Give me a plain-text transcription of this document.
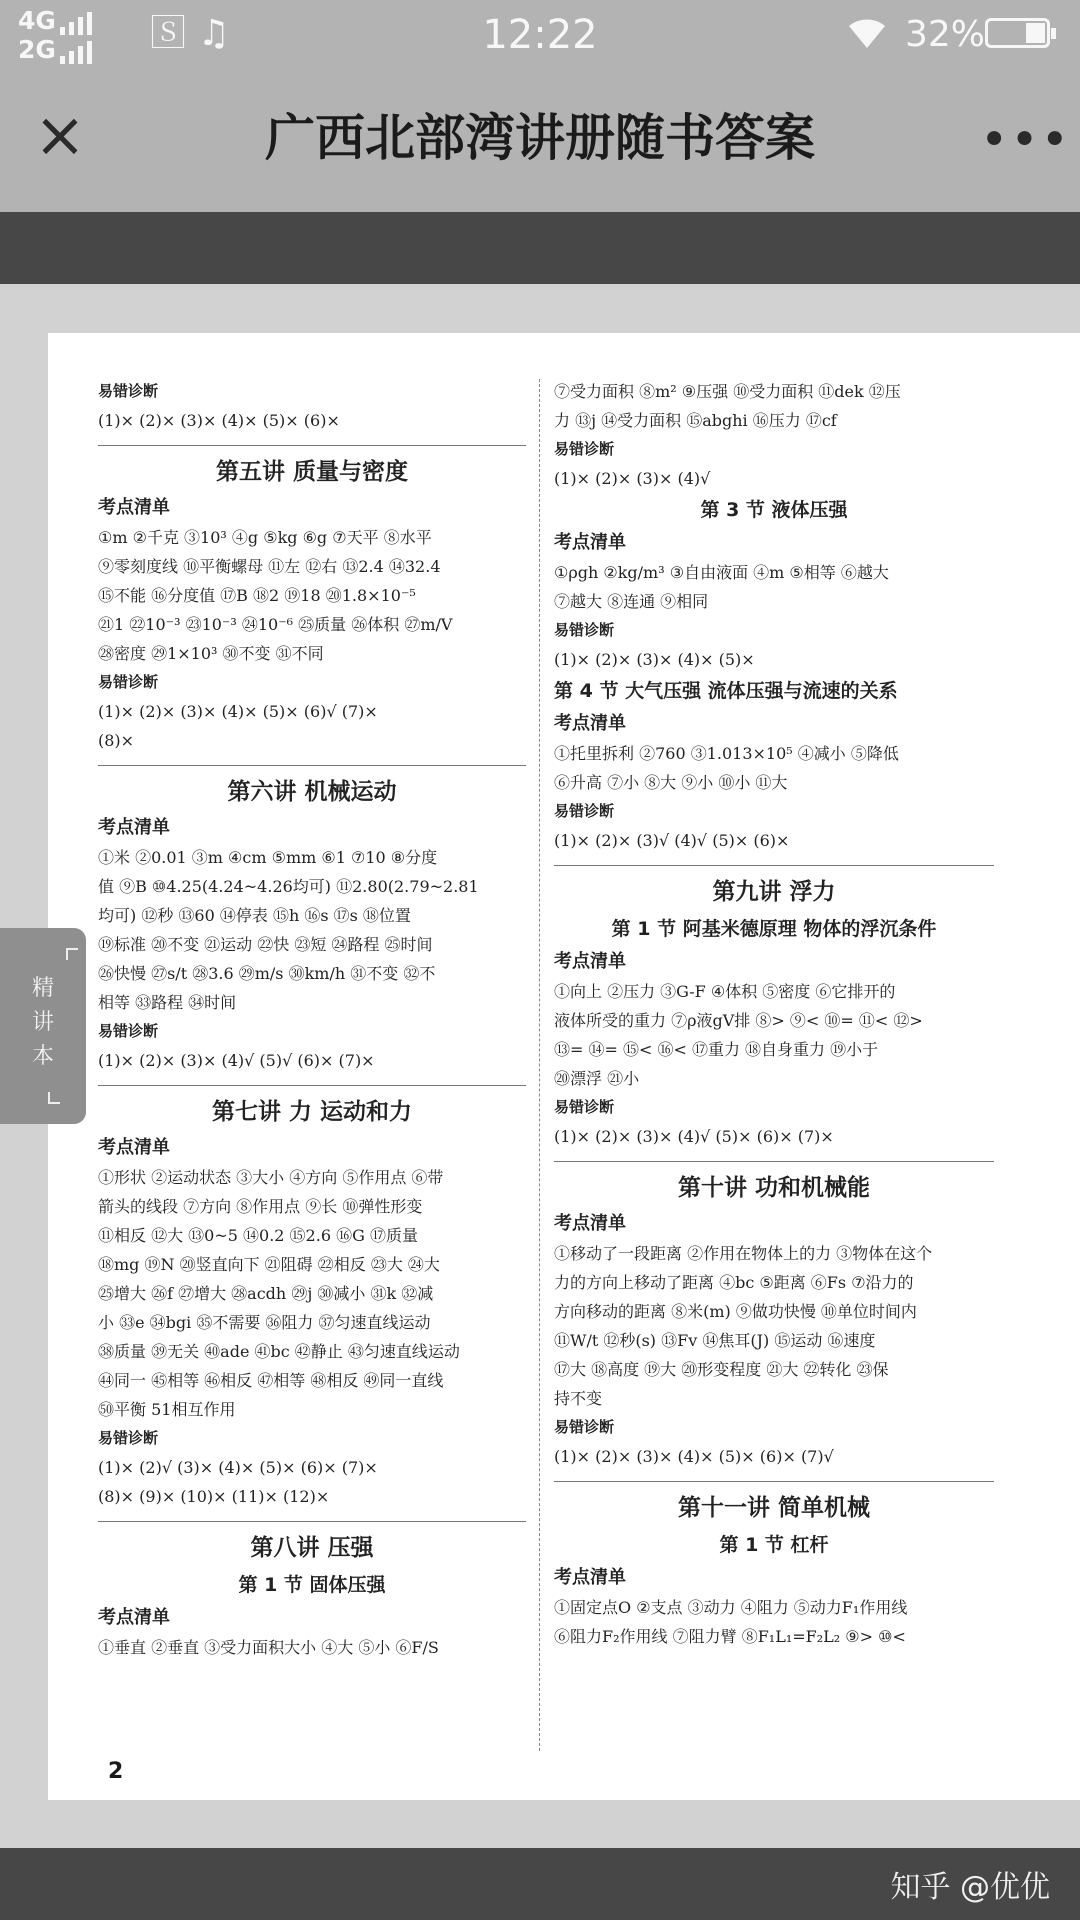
4G
2G	🅂 ♫	12:22	32%
×	广西北部湾讲册随书答案	•••

易错诊断

(1)× (2)× (3)× (4)× (5)× (6)×

第五讲 质量与密度

考点清单

①m ②千克 ③10³ ④g ⑤kg ⑥g ⑦天平 ⑧水平

⑨零刻度线 ⑩平衡螺母 ⑪左 ⑫右 ⑬2.4 ⑭32.4

⑮不能 ⑯分度值 ⑰B ⑱2 ⑲18 ⑳1.8×10⁻⁵

㉑1 ㉒10⁻³ ㉓10⁻³ ㉔10⁻⁶ ㉕质量 ㉖体积 ㉗m/V

㉘密度 ㉙1×10³ ㉚不变 ㉛不同

易错诊断

(1)× (2)× (3)× (4)× (5)× (6)√ (7)×

(8)×

第六讲 机械运动

考点清单

①米 ②0.01 ③m ④cm ⑤mm ⑥1 ⑦10 ⑧分度

值 ⑨B ⑩4.25(4.24~4.26均可) ⑪2.80(2.79~2.81

均可) ⑫秒 ⑬60 ⑭停表 ⑮h ⑯s ⑰s ⑱位置

⑲标准 ⑳不变 ㉑运动 ㉒快 ㉓短 ㉔路程 ㉕时间

㉖快慢 ㉗s/t ㉘3.6 ㉙m/s ㉚km/h ㉛不变 ㉜不

相等 ㉝路程 ㉞时间

易错诊断

(1)× (2)× (3)× (4)√ (5)√ (6)× (7)×

第七讲 力 运动和力

考点清单

①形状 ②运动状态 ③大小 ④方向 ⑤作用点 ⑥带

箭头的线段 ⑦方向 ⑧作用点 ⑨长 ⑩弹性形变

⑪相反 ⑫大 ⑬0~5 ⑭0.2 ⑮2.6 ⑯G ⑰质量

⑱mg ⑲N ⑳竖直向下 ㉑阻碍 ㉒相反 ㉓大 ㉔大

㉕增大 ㉖f ㉗增大 ㉘acdh ㉙j ㉚减小 ㉛k ㉜减

小 ㉝e ㉞bgi ㉟不需要 ㊱阻力 ㊲匀速直线运动

㊳质量 ㊴无关 ㊵ade ㊶bc ㊷静止 ㊸匀速直线运动

㊹同一 ㊺相等 ㊻相反 ㊼相等 ㊽相反 ㊾同一直线

㊿平衡 51相互作用

易错诊断

(1)× (2)√ (3)× (4)× (5)× (6)× (7)×

(8)× (9)× (10)× (11)× (12)×

第八讲 压强

第 1 节 固体压强

考点清单

①垂直 ②垂直 ③受力面积大小 ④大 ⑤小 ⑥F/S

⑦受力面积 ⑧m² ⑨压强 ⑩受力面积 ⑪dek ⑫压

力 ⑬j ⑭受力面积 ⑮abghi ⑯压力 ⑰cf

易错诊断

(1)× (2)× (3)× (4)√

第 3 节 液体压强

考点清单

①ρgh ②kg/m³ ③自由液面 ④m ⑤相等 ⑥越大

⑦越大 ⑧连通 ⑨相同

易错诊断

(1)× (2)× (3)× (4)× (5)×

第 4 节 大气压强 流体压强与流速的关系

考点清单

①托里拆利 ②760 ③1.013×10⁵ ④减小 ⑤降低

⑥升高 ⑦小 ⑧大 ⑨小 ⑩小 ⑪大

易错诊断

(1)× (2)× (3)√ (4)√ (5)× (6)×

第九讲 浮力

第 1 节 阿基米德原理 物体的浮沉条件

考点清单

①向上 ②压力 ③G-F ④体积 ⑤密度 ⑥它排开的

液体所受的重力 ⑦ρ液gV排 ⑧> ⑨< ⑩= ⑪< ⑫>

⑬= ⑭= ⑮< ⑯< ⑰重力 ⑱自身重力 ⑲小于

⑳漂浮 ㉑小

易错诊断

(1)× (2)× (3)× (4)√ (5)× (6)× (7)×

第十讲 功和机械能

考点清单

①移动了一段距离 ②作用在物体上的力 ③物体在这个

力的方向上移动了距离 ④bc ⑤距离 ⑥Fs ⑦沿力的

方向移动的距离 ⑧米(m) ⑨做功快慢 ⑩单位时间内

⑪W/t ⑫秒(s) ⑬Fv ⑭焦耳(J) ⑮运动 ⑯速度

⑰大 ⑱高度 ⑲大 ⑳形变程度 ㉑大 ㉒转化 ㉓保

持不变

易错诊断

(1)× (2)× (3)× (4)× (5)× (6)× (7)√

第十一讲 简单机械

第 1 节 杠杆

考点清单

①固定点O ②支点 ③动力 ④阻力 ⑤动力F₁作用线

⑥阻力F₂作用线 ⑦阻力臂 ⑧F₁L₁=F₂L₂ ⑨> ⑩<

2
精
讲
本
知乎 @优优
